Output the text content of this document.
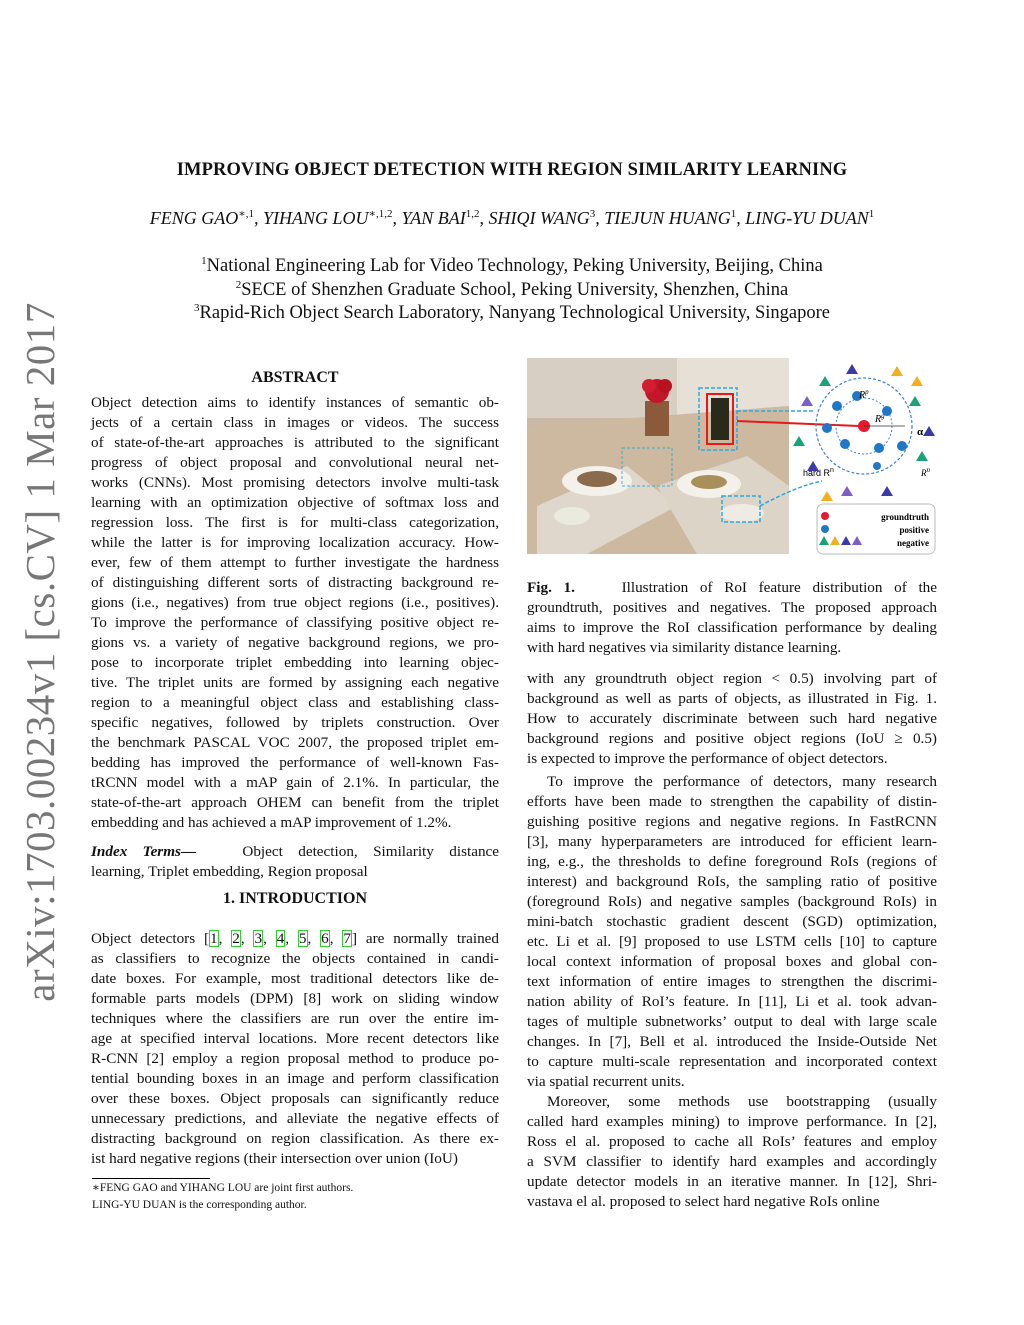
arXiv:1703.00234v1 [cs.CV] 1 Mar 2017
IMPROVING OBJECT DETECTION WITH REGION SIMILARITY LEARNING
FENG $GAO^{∗,1}$, YIHANG $LOU^{∗,1,2}$, YAN BAI$^{1,2}$, SHIQI WANG$^3$, TIEJUN HUANG$^1$, LING-YU DUAN$^1$
$^1$National Engineering Lab for Video Technology, Peking University, Beijing, China
$^2$SECE of Shenzhen Graduate School, Peking University, Shenzhen, China
$^3$Rapid-Rich Object Search Laboratory, Nanyang Technological University, Singapore
ABSTRACT
Object detection aims to identify instances of semantic ob-
jects of a certain class in images or videos. The success
of state-of-the-art approaches is attributed to the significant
progress of object proposal and convolutional neural net-
works (CNNs). Most promising detectors involve multi-task
learning with an optimization objective of softmax loss and
regression loss. The first is for multi-class categorization,
while the latter is for improving localization accuracy. How-
ever, few of them attempt to further investigate the hardness
of distinguishing different sorts of distracting background re-
gions (i.e., negatives) from true object regions (i.e., positives).
To improve the performance of classifying positive object re-
gions vs. a variety of negative background regions, we pro-
pose to incorporate triplet embedding into learning objec-
tive. The triplet units are formed by assigning each negative
region to a meaningful object class and establishing class-
specific negatives, followed by triplets construction. Over
the benchmark PASCAL VOC 2007, the proposed triplet em-
bedding has improved the performance of well-known Fas-
tRCNN model with a mAP gain of 2.1%. In particular, the
state-of-the-art approach OHEM can benefit from the triplet
embedding and has achieved a mAP improvement of 1.2%.
Index Terms—	Object detection, Similarity distance
learning, Triplet embedding, Region proposal
1. INTRODUCTION
Object detectors [1, 2, 3, 4, 5, 6, 7] are normally trained
as classifiers to recognize the objects contained in candi-
date boxes. For example, most traditional detectors like de-
formable parts models (DPM) [8] work on sliding window
techniques where the classifiers are run over the entire im-
age at specified interval locations. More recent detectors like
R-CNN [2] employ a region proposal method to produce po-
tential bounding boxes in an image and perform classification
over these boxes. Object proposals can significantly reduce
unnecessary predictions, and alleviate the negative effects of
distracting background on region classification. As there ex-
ist hard negative regions (their intersection over union (IoU)
∗FENG GAO and YIHANG LOU are joint first authors.
LING-YU DUAN is the corresponding author.
$R^p$
$R^g$
α
hard $R^n$	$R^n$
groundtruth
positive
negative
Fig. 1.	Illustration of RoI feature distribution of the
groundtruth, positives and negatives. The proposed approach
aims to improve the RoI classification performance by dealing
with hard negatives via similarity distance learning.
with any groundtruth object region < 0.5) involving part of
background as well as parts of objects, as illustrated in Fig. 1.
How to accurately discriminate between such hard negative
background regions and positive object regions (IoU ≥ 0.5)
is expected to improve the performance of object detectors.
To improve the performance of detectors, many research
efforts have been made to strengthen the capability of distin-
guishing positive regions and negative regions. In FastRCNN
[3], many hyperparameters are introduced for efficient learn-
ing, e.g., the thresholds to define foreground RoIs (regions of
interest) and background RoIs, the sampling ratio of positive
(foreground RoIs) and negative samples (background RoIs) in
mini-batch stochastic gradient descent (SGD) optimization,
etc. Li et al. [9] proposed to use LSTM cells [10] to capture
local context information of proposal boxes and global con-
text information of entire images to strengthen the discrimi-
nation ability of RoI’s feature. In [11], Li et al. took advan-
tages of multiple subnetworks’ output to deal with large scale
changes. In [7], Bell et al. introduced the Inside-Outside Net
to capture multi-scale representation and incorporated context
via spatial recurrent units.
Moreover, some methods use bootstrapping (usually
called hard examples mining) to improve performance. In [2],
Ross el al. proposed to cache all RoIs’ features and employ
a SVM classifier to identify hard examples and accordingly
update detector models in an iterative manner. In [12], Shri-
vastava el al. proposed to select hard negative RoIs online
